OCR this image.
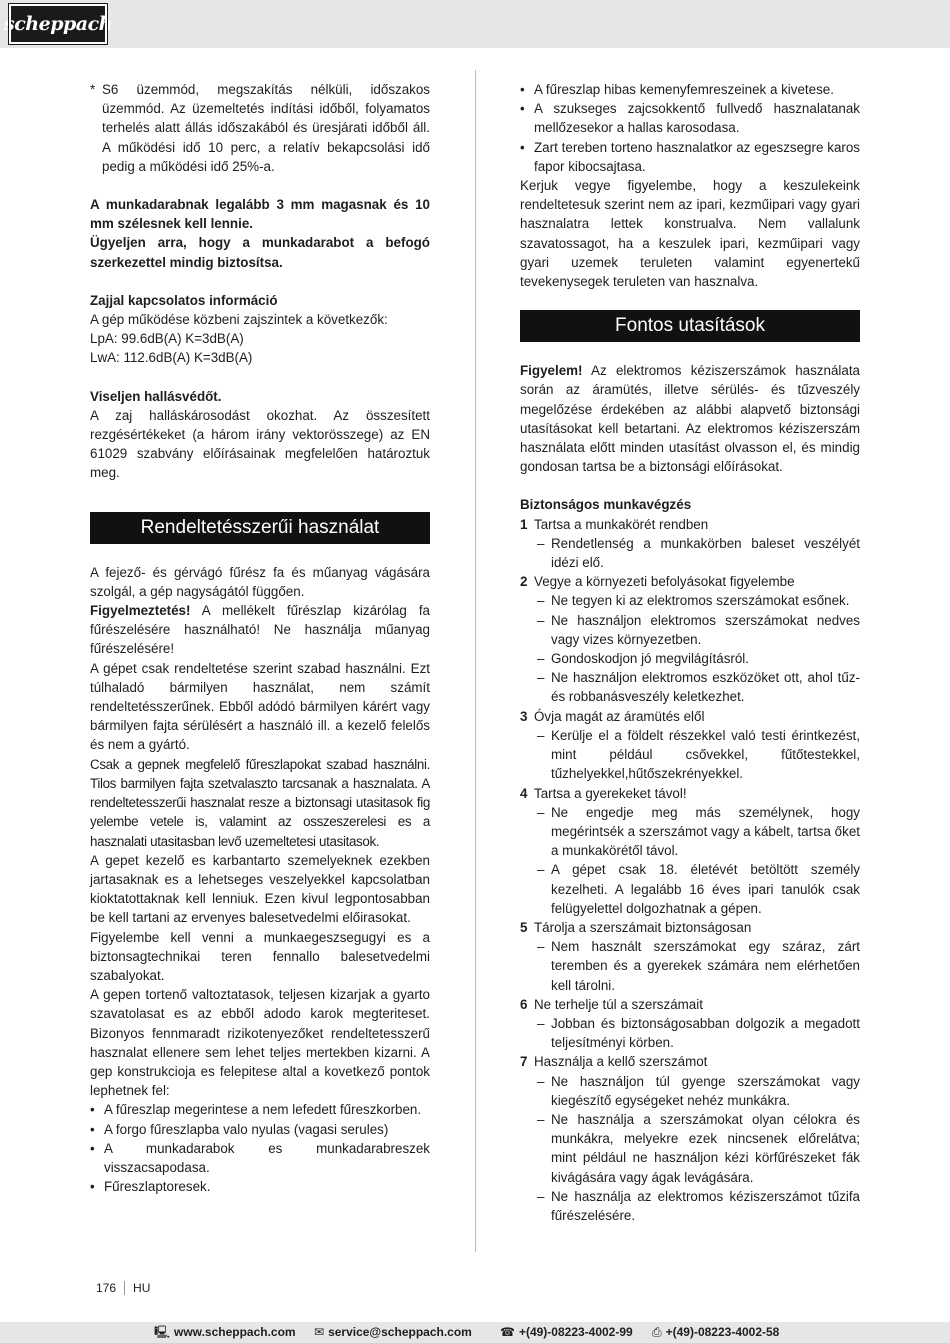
scheppach

* S6 üzemmód, megszakítás nélküli, időszakos üzemmód. Az üzemeltetés indítási időből, folyamatos terhelés alatt állás időszakából és üresjárati időből áll. A működési idő 10 perc, a relatív bekapcsolási idő pedig a működési idő 25%-a.

A munkadarabnak legalább 3 mm magasnak és 10 mm szélesnek kell lennie.

Ügyeljen arra, hogy a munkadarabot a befogó szerkezettel mindig biztosítsa.

Zajjal kapcsolatos információ

A gép működése közbeni zajszintek a következők:

LpA: 99.6dB(A) K=3dB(A)

LwA: 112.6dB(A) K=3dB(A)

Viseljen hallásvédőt.

A zaj halláskárosodást okozhat. Az összesített rezgésértékeket (a három irány vektorösszege) az EN 61029 szabvány előírásainak megfelelően határoztuk meg.

Rendeltetésszerűi használat

A fejező- és gérvágó fűrész fa és műanyag vágására szolgál, a gép nagyságától függően.

Figyelmeztetés! A mellékelt fűrészlap kizárólag fa fűrészelésére használható! Ne használja műanyag fűrészelésére!

A gépet csak rendeltetése szerint szabad használni. Ezt túlhaladó bármilyen használat, nem számít rendeltetésszerűnek. Ebből adódó bármilyen kárért vagy bármilyen fajta sérülésért a használó ill. a kezelő felelős és nem a gyártó.

Csak a gepnek megfelelő fűreszlapokat szabad használni. Tilos barmilyen fajta szetvalaszto tarcsanak a hasznalata. A rendeltetesszerűi hasznalat resze a biztonsagi utasitasok fig yelembe vetele is, valamint az osszeszerelesi es a hasznalati utasitasban levő uzemeltetesi utasitasok.

A gepet kezelő es karbantarto szemelyeknek ezekben jartasaknak es a lehetseges veszelyekkel kapcsolatban kioktatottaknak kell lenniuk. Ezen kivul legpontosabban be kell tartani az ervenyes balesetvedelmi előirasokat.

Figyelembe kell venni a munkaegeszsegugyi es a biztonsagtechnikai teren fennallo balesetvedelmi szabalyokat.

A gepen tortenő valtoztatasok, teljesen kizarjak a gyarto szavatolasat es az ebből adodo karok megteriteset. Bizonyos fennmaradt rizikotenyezőket rendeltetesszerű hasznalat ellenere sem lehet teljes mertekben kizarni. A gep konstrukcioja es felepitese altal a kovetkező pontok lephetnek fel:

• A fűreszlap megerintese a nem lefedett fűreszkorben.

• A forgo fűreszlapba valo nyulas (vagasi serules)

• A munkadarabok es munkadarabreszek visszacsapodasa.

• Fűreszlaptoresek.

• A fűreszlap hibas kemenyfemreszeinek a kivetese.

• A szukseges zajcsokkentő fullvedő hasznalatanak mellőzesekor a hallas karosodasa.

• Zart tereben torteno hasznalatkor az egeszsegre karos fapor kibocsajtasa.

Kerjuk vegye figyelembe, hogy a keszulekeink rendeltetesuk szerint nem az ipari, kezműipari vagy gyari hasznalatra lettek konstrualva. Nem vallalunk szavatossagot, ha a keszulek ipari, kezműipari vagy gyari uzemek teruleten valamint egyenertekű tevekenysegek teruleten van hasznalva.

Fontos utasítások

Figyelem! Az elektromos kéziszerszámok használata során az áramütés, illetve sérülés- és tűzveszély megelőzése érdekében az alábbi alapvető biztonsági utasításokat kell betartani. Az elektromos kéziszerszám használata előtt minden utasítást olvasson el, és mindig gondosan tartsa be a biztonsági előírásokat.

Biztonságos munkavégzés

1 Tartsa a munkakörét rendben

– Rendetlenség a munkakörben baleset veszélyét idézi elő.

2 Vegye a környezeti befolyásokat figyelembe

– Ne tegyen ki az elektromos szerszámokat esőnek.

– Ne használjon elektromos szerszámokat nedves vagy vizes környezetben.

– Gondoskodjon jó megvilágításról.

– Ne használjon elektromos eszközöket ott, ahol tűz- és robbanásveszély keletkezhet.

3 Óvja magát az áramütés elől

– Kerülje el a földelt részekkel való testi érintkezést, mint például csővekkel, fűtőtestekkel, tűzhelyekkel,hűtőszekrényekkel.

4 Tartsa a gyerekeket távol!

– Ne engedje meg más személynek, hogy megérintsék a szerszámot vagy a kábelt, tartsa őket a munkakörétől távol.

– A gépet csak 18. életévét betöltött személy kezelheti. A legalább 16 éves ipari tanulók csak felügyelettel dolgozhatnak a gépen.

5 Tárolja a szerszámait biztonságosan

– Nem használt szerszámokat egy száraz, zárt teremben és a gyerekek számára nem elérhetően kell tárolni.

6 Ne terhelje túl a szerszámait

– Jobban és biztonságosabban dolgozik a megadott teljesítményi körben.

7 Használja a kellő szerszámot

– Ne használjon túl gyenge szerszámokat vagy kiegészítő egységeket nehéz munkákra.

– Ne használja a szerszámokat olyan célokra és munkákra, melyekre ezek nincsenek előrelátva; mint például ne használjon kézi körfűrészeket fák kivágására vagy ágak levágására.

– Ne használja az elektromos kéziszerszámot tűzifa fűrészelésére.

176 HU
🖳 www.scheppach.com ✉ service@scheppach.com ☎ +(49)-08223-4002-99 ⎙ +(49)-08223-4002-58
